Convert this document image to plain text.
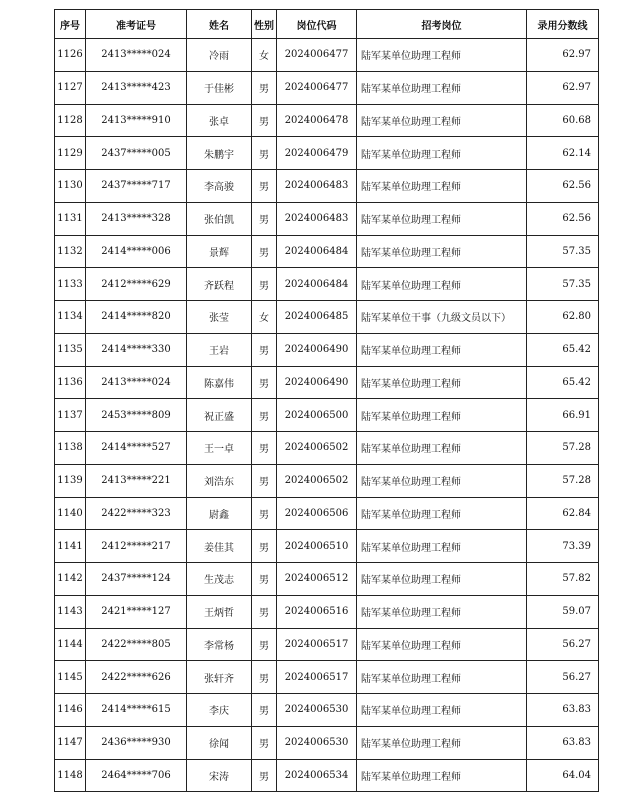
序号	准考证号	姓名	性别	岗位代码	招考岗位	录用分数线
1126	2413*****024	冷雨	女	2024006477	陆军某单位助理工程师	62.97
1127	2413*****423	于佳彬	男	2024006477	陆军某单位助理工程师	62.97
1128	2413*****910	张卓	男	2024006478	陆军某单位助理工程师	60.68
1129	2437*****005	朱鹏宇	男	2024006479	陆军某单位助理工程师	62.14
1130	2437*****717	李高骏	男	2024006483	陆军某单位助理工程师	62.56
1131	2413*****328	张伯凯	男	2024006483	陆军某单位助理工程师	62.56
1132	2414*****006	景辉	男	2024006484	陆军某单位助理工程师	57.35
1133	2412*****629	齐跃程	男	2024006484	陆军某单位助理工程师	57.35
1134	2414*****820	张莹	女	2024006485	陆军某单位干事（九级文员以下）	62.80
1135	2414*****330	王岩	男	2024006490	陆军某单位助理工程师	65.42
1136	2413*****024	陈嘉伟	男	2024006490	陆军某单位助理工程师	65.42
1137	2453*****809	祝正盛	男	2024006500	陆军某单位助理工程师	66.91
1138	2414*****527	王一卓	男	2024006502	陆军某单位助理工程师	57.28
1139	2413*****221	刘浩东	男	2024006502	陆军某单位助理工程师	57.28
1140	2422*****323	尉鑫	男	2024006506	陆军某单位助理工程师	62.84
1141	2412*****217	姜佳其	男	2024006510	陆军某单位助理工程师	73.39
1142	2437*****124	生茂志	男	2024006512	陆军某单位助理工程师	57.82
1143	2421*****127	王炳哲	男	2024006516	陆军某单位助理工程师	59.07
1144	2422*****805	李常杨	男	2024006517	陆军某单位助理工程师	56.27
1145	2422*****626	张轩齐	男	2024006517	陆军某单位助理工程师	56.27
1146	2414*****615	李庆	男	2024006530	陆军某单位助理工程师	63.83
1147	2436*****930	徐闻	男	2024006530	陆军某单位助理工程师	63.83
1148	2464*****706	宋涛	男	2024006534	陆军某单位助理工程师	64.04
